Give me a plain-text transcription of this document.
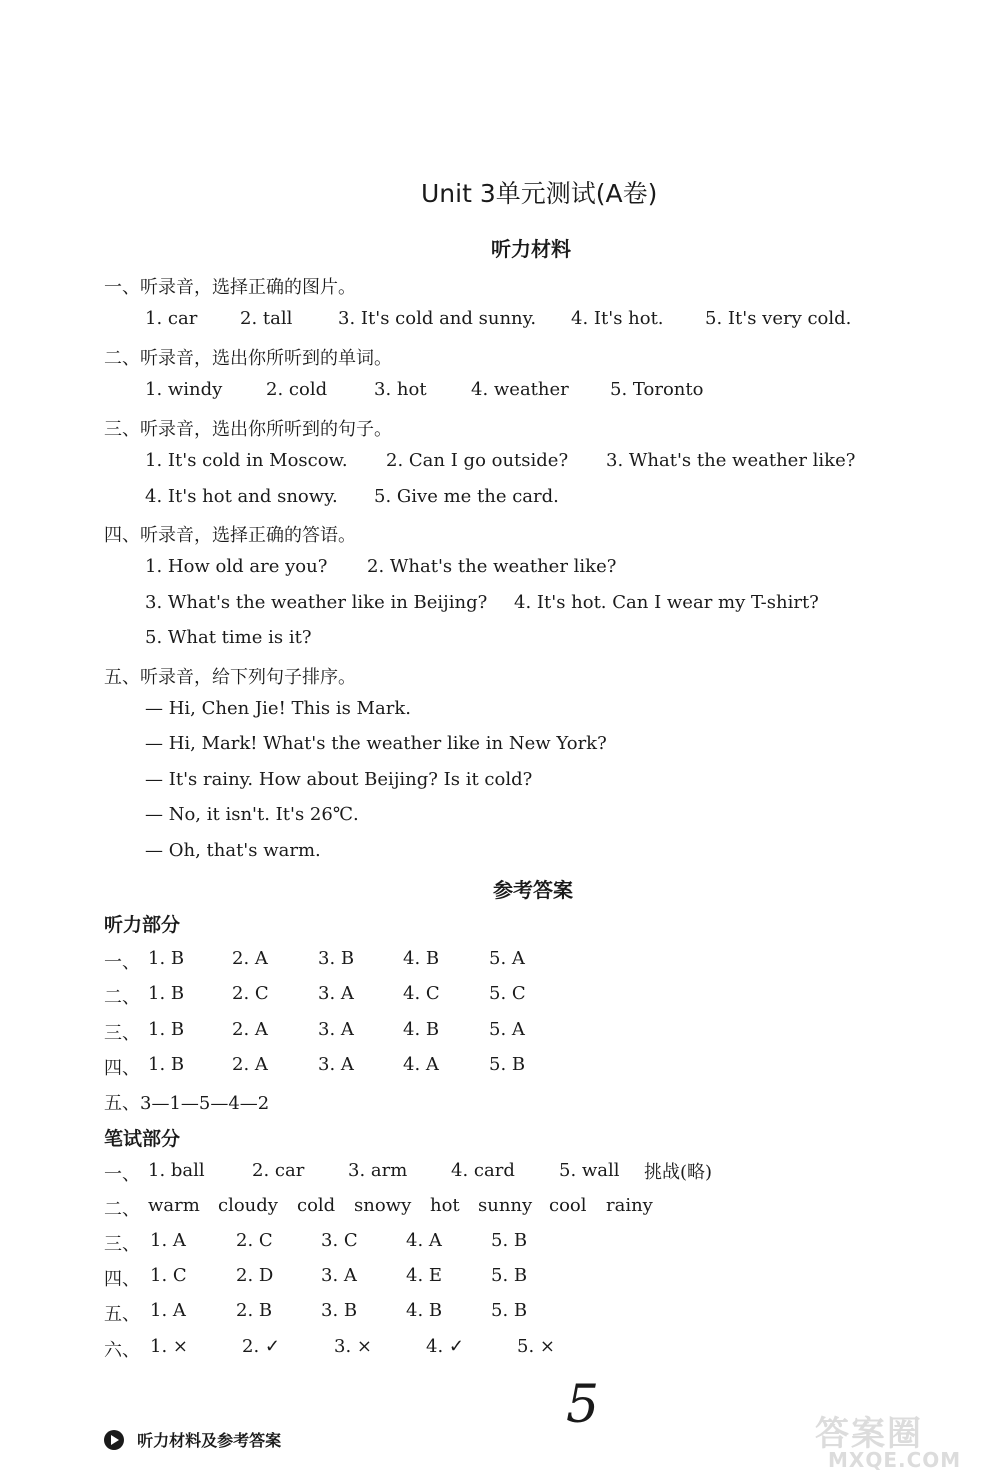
Unit 3单元测试(A卷)
听力材料
一、听录音，选择正确的图片。
1. car 2. tall	3. It's cold and sunny. 4. It's hot. 5. It's very cold.
二、听录音，选出你所听到的单词。
1. windy 2. cold	3. hot 4. weather 5. Toronto
三、听录音，选出你所听到的句子。
1. It's cold in Moscow. 2. Can I go outside? 3. What's the weather like?
4. It's hot and snowy. 5. Give me the card.
四、听录音，选择正确的答语。
1. How old are you? 2. What's the weather like?
3. What's the weather like in Beijing? 4. It's hot. Can I wear my T-shirt?
5. What time is it?
五、听录音，给下列句子排序。
— Hi, Chen Jie! This is Mark.
— Hi, Mark! What's the weather like in New York?
— It's rainy. How about Beijing? Is it cold?
— No, it isn't. It's 26℃.
— Oh, that's warm.
参考答案
听力部分
一、 1. B	2. A	3. B	4. B	5. A
二、 1. B	2. C	3. A	4. C	5. C
三、 1. B	2. A	3. A	4. B	5. A
四、 1. B	2. A	3. A	4. A	5. B
五、3—1—5—4—2
笔试部分
一、 1. ball	2. car 3. arm 4. card 5. wall 挑战(略)
二、 warm cloudy cold snowy hot sunny cool rainy
三、 1. A	2. C	3. C	4. A	5. B
四、 1. C	2. D	3. A	4. E	5. B
五、 1. A	2. B	3. B	4. B	5. B
六、 1. ×	2. ✓	3. ×	4. ✓	5. ×
5
听力材料及参考答案	答案圈
MXQE.COM
